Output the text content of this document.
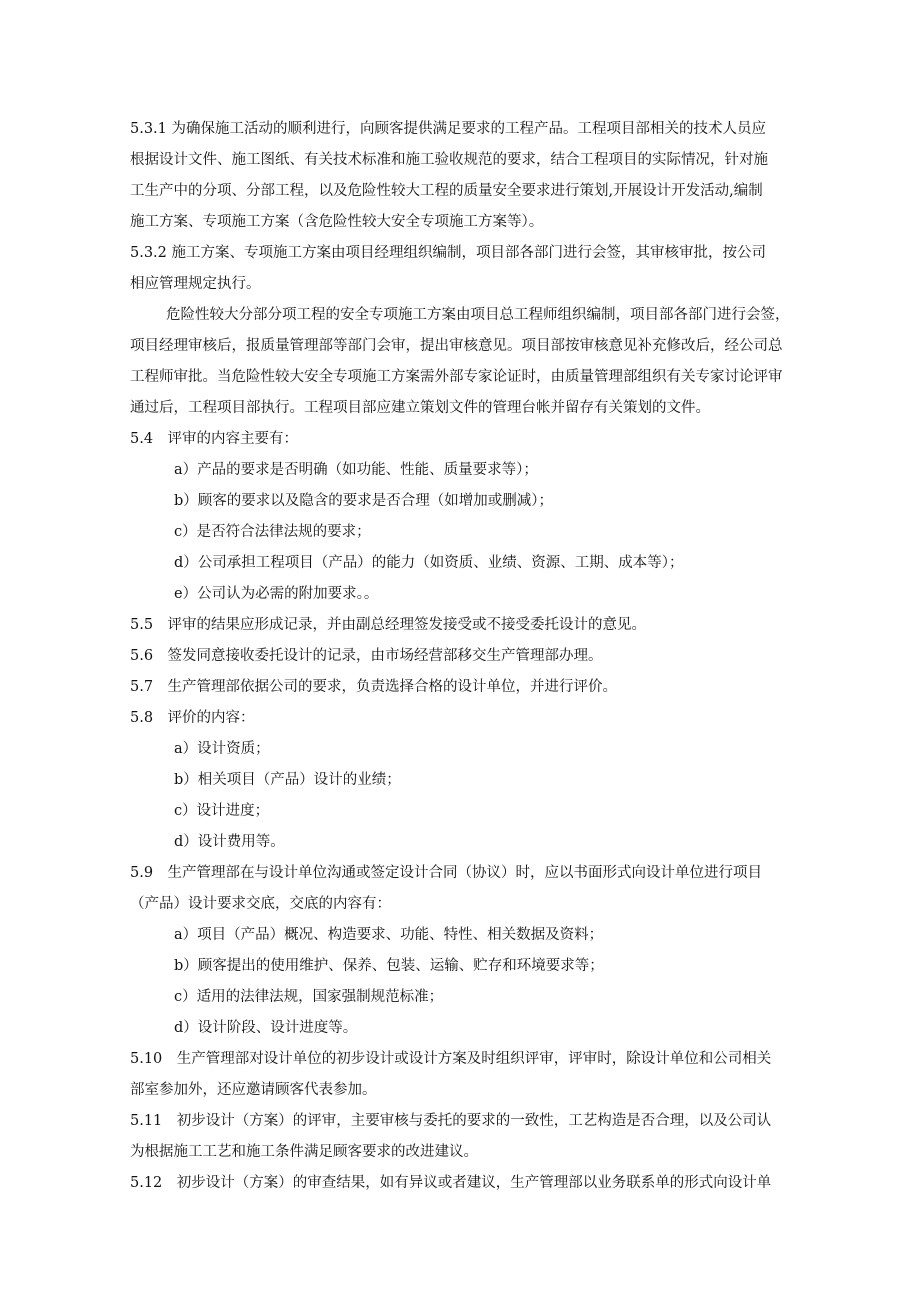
5.3.1 为确保施工活动的顺利进行，向顾客提供满足要求的工程产品。工程项目部相关的技术人员应
根据设计文件、施工图纸、有关技术标准和施工验收规范的要求，结合工程项目的实际情况，针对施
工生产中的分项、分部工程，以及危险性较大工程的质量安全要求进行策划,开展设计开发活动,编制
施工方案、专项施工方案（含危险性较大安全专项施工方案等）。
5.3.2 施工方案、专项施工方案由项目经理组织编制，项目部各部门进行会签，其审核审批，按公司
相应管理规定执行。
危险性较大分部分项工程的安全专项施工方案由项目总工程师组织编制，项目部各部门进行会签，
项目经理审核后，报质量管理部等部门会审，提出审核意见。项目部按审核意见补充修改后，经公司总
工程师审批。当危险性较大安全专项施工方案需外部专家论证时，由质量管理部组织有关专家讨论评审
通过后，工程项目部执行。工程项目部应建立策划文件的管理台帐并留存有关策划的文件。
5.4　评审的内容主要有：
a）产品的要求是否明确（如功能、性能、质量要求等）；
b）顾客的要求以及隐含的要求是否合理（如增加或删减）；
c）是否符合法律法规的要求；
d）公司承担工程项目（产品）的能力（如资质、业绩、资源、工期、成本等）；
e）公司认为必需的附加要求。。
5.5　评审的结果应形成记录，并由副总经理签发接受或不接受委托设计的意见。
5.6　签发同意接收委托设计的记录，由市场经营部移交生产管理部办理。
5.7　生产管理部依据公司的要求，负责选择合格的设计单位，并进行评价。
5.8　评价的内容：
a）设计资质；
b）相关项目（产品）设计的业绩；
c）设计进度；
d）设计费用等。
5.9　生产管理部在与设计单位沟通或签定设计合同（协议）时，应以书面形式向设计单位进行项目
（产品）设计要求交底，交底的内容有：
a）项目（产品）概况、构造要求、功能、特性、相关数据及资料；
b）顾客提出的使用维护、保养、包装、运输、贮存和环境要求等；
c）适用的法律法规，国家强制规范标准；
d）设计阶段、设计进度等。
5.10　生产管理部对设计单位的初步设计或设计方案及时组织评审，评审时，除设计单位和公司相关
部室参加外，还应邀请顾客代表参加。
5.11　初步设计（方案）的评审，主要审核与委托的要求的一致性，工艺构造是否合理，以及公司认
为根据施工工艺和施工条件满足顾客要求的改进建议。
5.12　初步设计（方案）的审查结果，如有异议或者建议，生产管理部以业务联系单的形式向设计单
